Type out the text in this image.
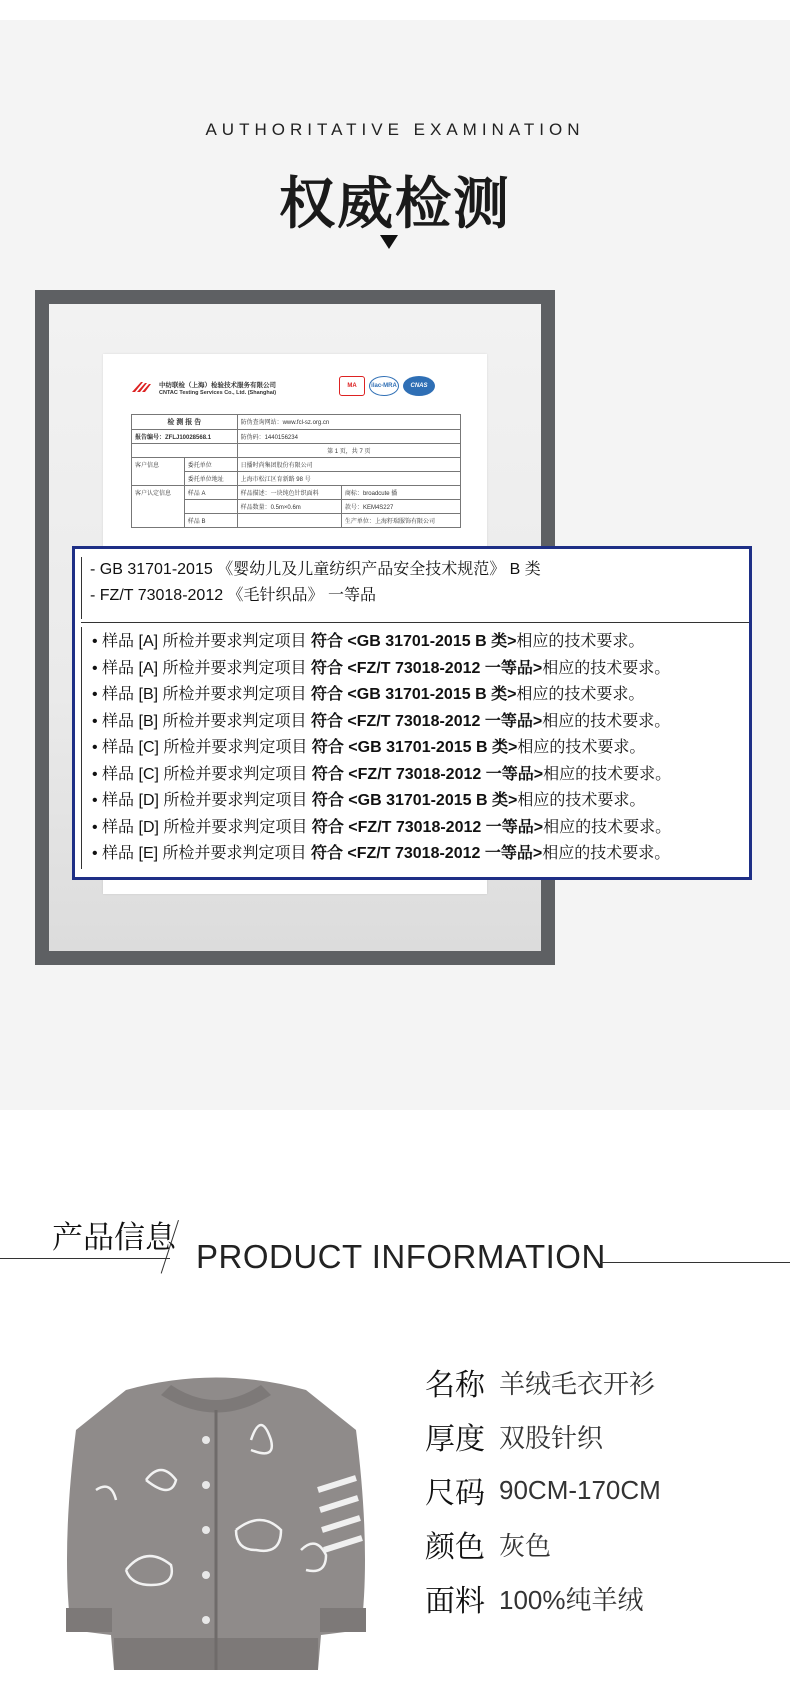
AUTHORITATIVE EXAMINATION
权威检测
中纺联检（上海）检验技术服务有限公司
CNTAC Testing Services Co., Ltd. (Shanghai)
MA	ilac-MRA	CNAS
检 测 报 告		防伪查询网站：www.fcl-sz.org.cn	
报告编号：ZFLJ10028568.1		防伪码：1440156234	
		第 1 页，共 7 页	
客户信息	委托单位	日播时尚集团股份有限公司	
	委托单位地址	上海市松江区育新路 98 号	
客户认定信息	样品 A	样品描述：一块纯色针织面料	商标：broadcute 播
		样品数量：0.5m×0.6m	款号：KEM4S227
	样品 B		生产单位：上海籽瑞服饰有限公司
- GB 31701-2015 《婴幼儿及儿童纺织产品安全技术规范》 B 类
- FZ/T 73018-2012 《毛针织品》 一等品
• 样品 [A] 所检并要求判定项目 符合 <GB 31701-2015 B 类>相应的技术要求。
• 样品 [A] 所检并要求判定项目 符合 <FZ/T 73018-2012 一等品>相应的技术要求。
• 样品 [B] 所检并要求判定项目 符合 <GB 31701-2015 B 类>相应的技术要求。
• 样品 [B] 所检并要求判定项目 符合 <FZ/T 73018-2012 一等品>相应的技术要求。
• 样品 [C] 所检并要求判定项目 符合 <GB 31701-2015 B 类>相应的技术要求。
• 样品 [C] 所检并要求判定项目 符合 <FZ/T 73018-2012 一等品>相应的技术要求。
• 样品 [D] 所检并要求判定项目 符合 <GB 31701-2015 B 类>相应的技术要求。
• 样品 [D] 所检并要求判定项目 符合 <FZ/T 73018-2012 一等品>相应的技术要求。
• 样品 [E] 所检并要求判定项目 符合 <FZ/T 73018-2012 一等品>相应的技术要求。
产品信息
PRODUCT INFORMATION
名称 羊绒毛衣开衫
厚度 双股针织
尺码 90CM-170CM
颜色 灰色
面料 100%纯羊绒
